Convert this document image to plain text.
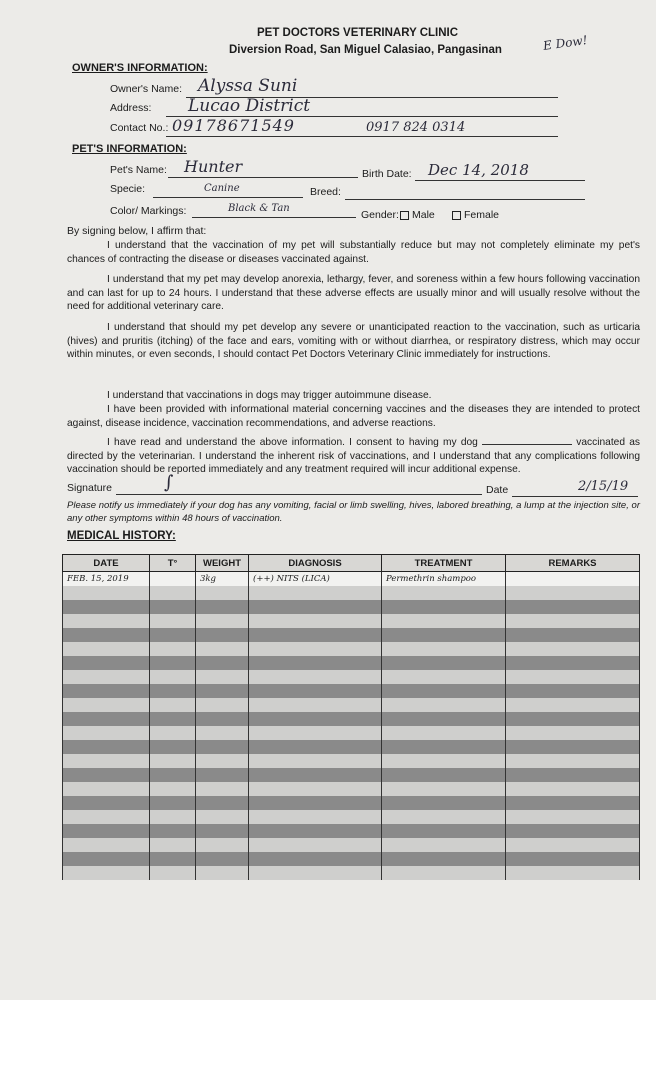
PET DOCTORS VETERINARY CLINIC
Diversion Road, San Miguel Calasiao, Pangasinan	E Dow!
OWNER'S INFORMATION:
Owner's Name: Alyssa Suni
Address: Lucao District
Contact No.: 09178671549	0917 824 0314
PET'S INFORMATION:
Pet's Name: Hunter	Birth Date: Dec 14, 2018
Specie:	Canine	Breed:
Color/ Markings:	Black & Tan
Gender:	Male	Female
By signing below, I affirm that:
I understand that the vaccination of my pet will substantially reduce but may not completely eliminate my pet's chances of contracting the disease or diseases vaccinated against.
I understand that my pet may develop anorexia, lethargy, fever, and soreness within a few hours following vaccination and can last for up to 24 hours. I understand that these adverse effects are usually minor and will usually resolve without the need for additional veterinary care.
I understand that should my pet develop any severe or unanticipated reaction to the vaccination, such as urticaria (hives) and pruritis (itching) of the face and ears, vomiting with or without diarrhea, or respiratory distress, which may occur within minutes, or even seconds, I should contact Pet Doctors Veterinary Clinic immediately for instructions.
I understand that vaccinations in dogs may trigger autoimmune disease.
I have been provided with informational material concerning vaccines and the diseases they are intended to protect against, disease incidence, vaccination recommendations, and adverse reactions.
I have read and understand the above information. I consent to having my dog	vaccinated as directed by the veterinarian. I understand the inherent risk of vaccinations, and I understand that any complications following vaccination should be reported immediately and any treatment required will incur additional expense.
Signature	∫	Date	2/15/19
Please notify us immediately if your dog has any vomiting, facial or limb swelling, hives, labored breathing, a lump at the injection site, or any other symptoms within 48 hours of vaccination.
MEDICAL HISTORY:
DATE	T°	WEIGHT	DIAGNOSIS	TREATMENT	REMARKS
FEB. 15, 2019		3kg	(++) NITS (LICA)	Permethrin shampoo	
